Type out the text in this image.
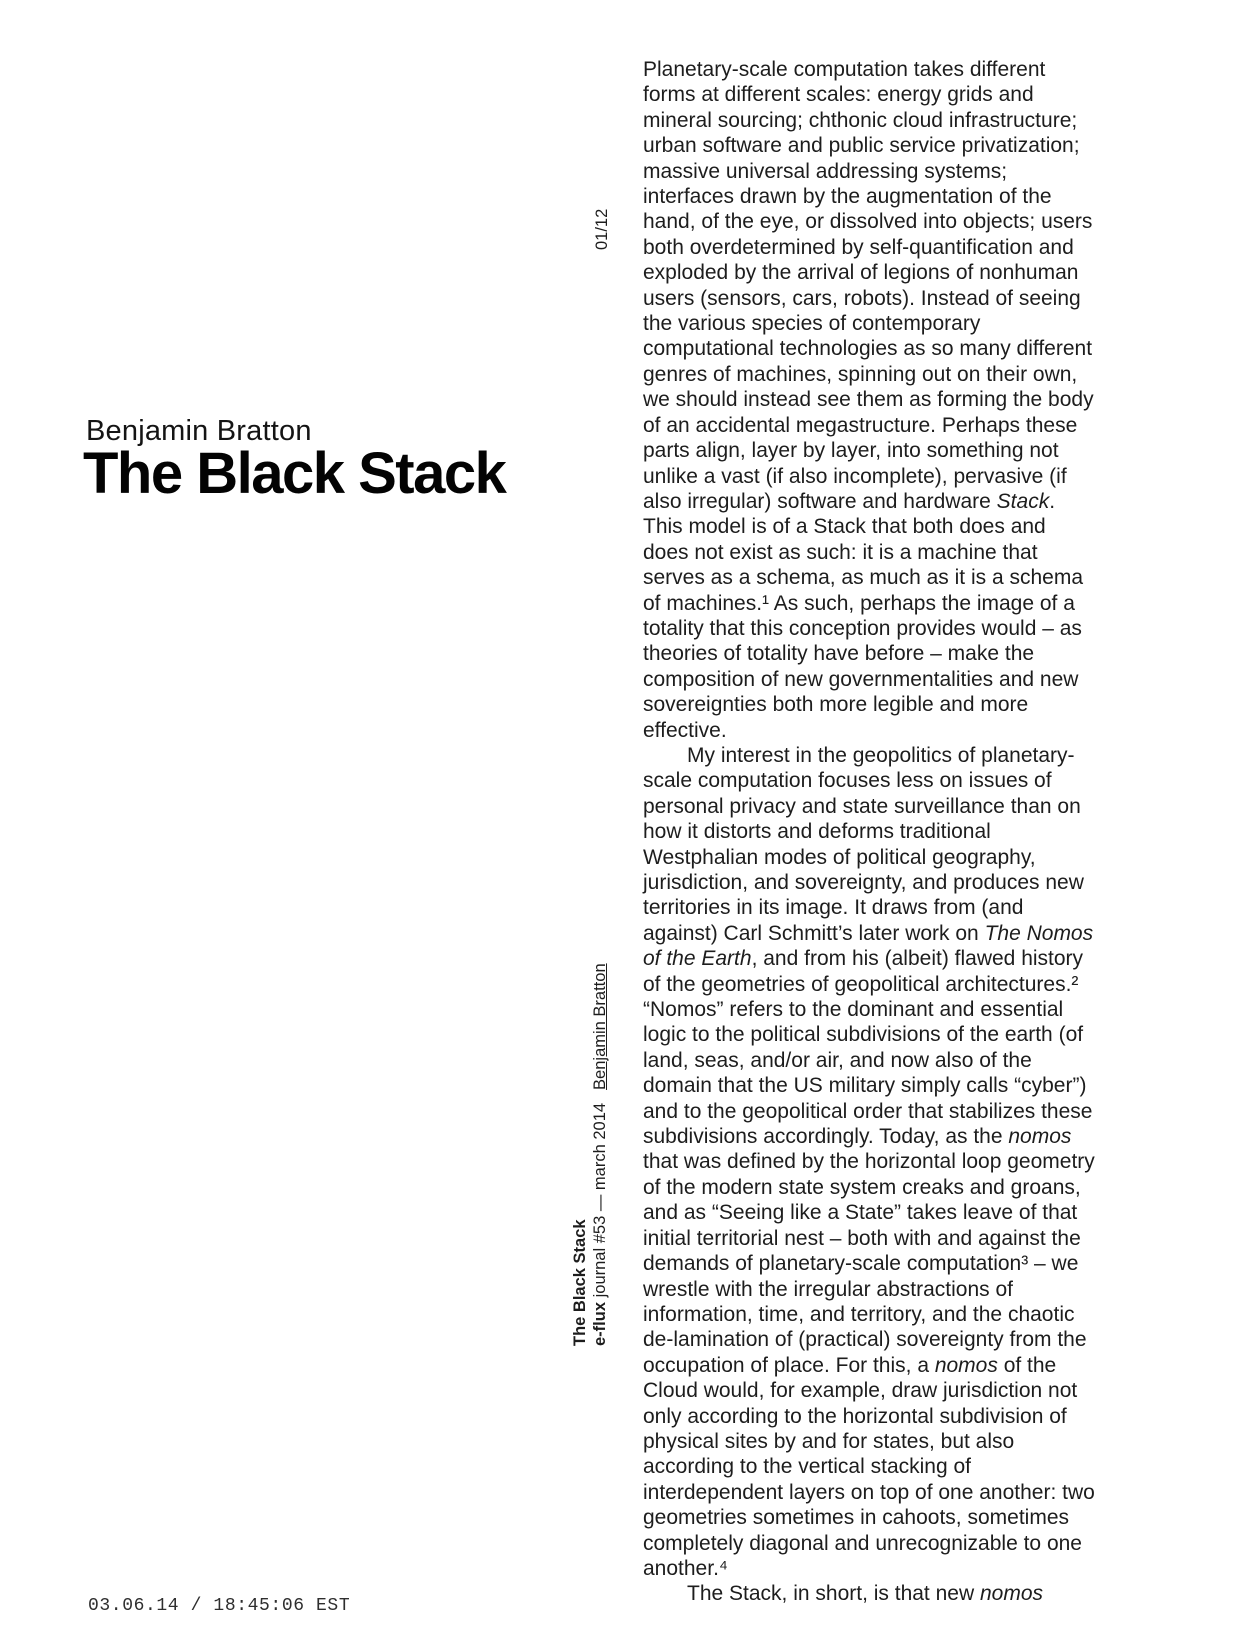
01/12
Benjamin Bratton
The Black Stack

Planetary-scale computation takes different forms at different scales: energy grids and mineral sourcing; chthonic cloud infrastructure; urban software and public service privatization; massive universal addressing systems; interfaces drawn by the augmentation of the hand, of the eye, or dissolved into objects; users both overdetermined by self-quantification and exploded by the arrival of legions of nonhuman users (sensors, cars, robots). Instead of seeing the various species of contemporary computational technologies as so many different genres of machines, spinning out on their own, we should instead see them as forming the body of an accidental megastructure. Perhaps these parts align, layer by layer, into something not unlike a vast (if also incomplete), pervasive (if also irregular) software and hardware Stack. This model is of a Stack that both does and does not exist as such: it is a machine that serves as a schema, as much as it is a schema of machines.¹ As such, perhaps the image of a totality that this conception provides would – as theories of totality have before – make the composition of new governmentalities and new sovereignties both more legible and more effective.

My interest in the geopolitics of planetary-scale computation focuses less on issues of personal privacy and state surveillance than on how it distorts and deforms traditional Westphalian modes of political geography, jurisdiction, and sovereignty, and produces new territories in its image. It draws from (and against) Carl Schmitt’s later work on The Nomos of the Earth, and from his (albeit) flawed history of the geometries of geopolitical architectures.² “Nomos” refers to the dominant and essential logic to the political subdivisions of the earth (of land, seas, and/or air, and now also of the domain that the US military simply calls “cyber”) and to the geopolitical order that stabilizes these subdivisions accordingly. Today, as the nomos that was defined by the horizontal loop geometry of the modern state system creaks and groans, and as “Seeing like a State” takes leave of that initial territorial nest – both with and against the demands of planetary-scale computation³ – we wrestle with the irregular abstractions of information, time, and territory, and the chaotic de-lamination of (practical) sovereignty from the occupation of place. For this, a nomos of the Cloud would, for example, draw jurisdiction not only according to the horizontal subdivision of physical sites by and for states, but also according to the vertical stacking of interdependent layers on top of one another: two geometries sometimes in cahoots, sometimes completely diagonal and unrecognizable to one another.⁴

The Stack, in short, is that new nomos

The Black Stack e-flux journal #53 — march 2014Benjamin Bratton
03.06.14 / 18:45:06 EST
